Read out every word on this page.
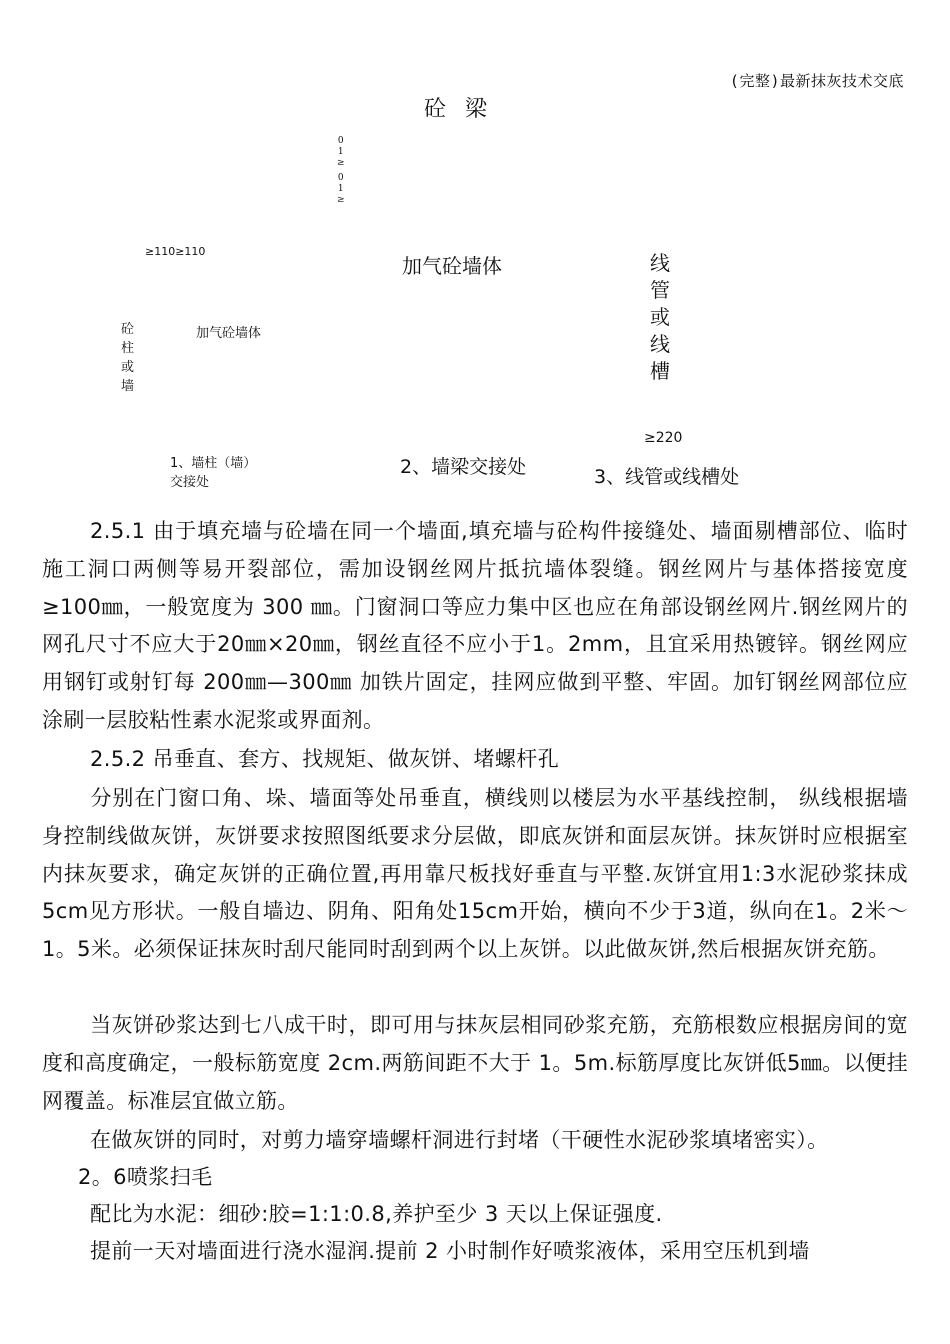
(完整)最新抹灰技术交底
砼 梁
0
1
≥
0
1
≥
≥110≥110
加气砼墙体	线
管
或
线
槽
砼
柱
或
墙
加气砼墙体
≥220
1、墙柱（墙）
交接处
2、墙梁交接处	3、线管或线槽处
2.5.1 由于填充墙与砼墙在同一个墙面,填充墙与砼构件接缝处、墙面剔槽部位、临时施工洞口两侧等易开裂部位，需加设钢丝网片抵抗墙体裂缝。钢丝网片与基体搭接宽度≥100㎜，一般宽度为 300 ㎜。门窗洞口等应力集中区也应在角部设钢丝网片.钢丝网片的网孔尺寸不应大于20㎜×20㎜，钢丝直径不应小于1。2mm，且宜采用热镀锌。钢丝网应用钢钉或射钉每 200㎜—300㎜ 加铁片固定，挂网应做到平整、牢固。加钉钢丝网部位应涂刷一层胶粘性素水泥浆或界面剂。
2.5.2 吊垂直、套方、找规矩、做灰饼、堵螺杆孔
分别在门窗口角、垛、墙面等处吊垂直，横线则以楼层为水平基线控制， 纵线根据墙身控制线做灰饼，灰饼要求按照图纸要求分层做，即底灰饼和面层灰饼。抹灰饼时应根据室内抹灰要求，确定灰饼的正确位置,再用靠尺板找好垂直与平整.灰饼宜用1:3水泥砂浆抹成5cm见方形状。一般自墙边、阴角、阳角处15cm开始，横向不少于3道，纵向在1。2米～1。5米。必须保证抹灰时刮尺能同时刮到两个以上灰饼。以此做灰饼,然后根据灰饼充筋。
当灰饼砂浆达到七八成干时，即可用与抹灰层相同砂浆充筋，充筋根数应根据房间的宽度和高度确定，一般标筋宽度 2cm.两筋间距不大于 1。5m.标筋厚度比灰饼低5㎜。以便挂网覆盖。标准层宜做立筋。
在做灰饼的同时，对剪力墙穿墙螺杆洞进行封堵（干硬性水泥砂浆填堵密实）。
2。6喷浆扫毛
配比为水泥：细砂:胶=1:1:0.8,养护至少 3 天以上保证强度.
提前一天对墙面进行浇水湿润.提前 2 小时制作好喷浆液体，采用空压机到墙
